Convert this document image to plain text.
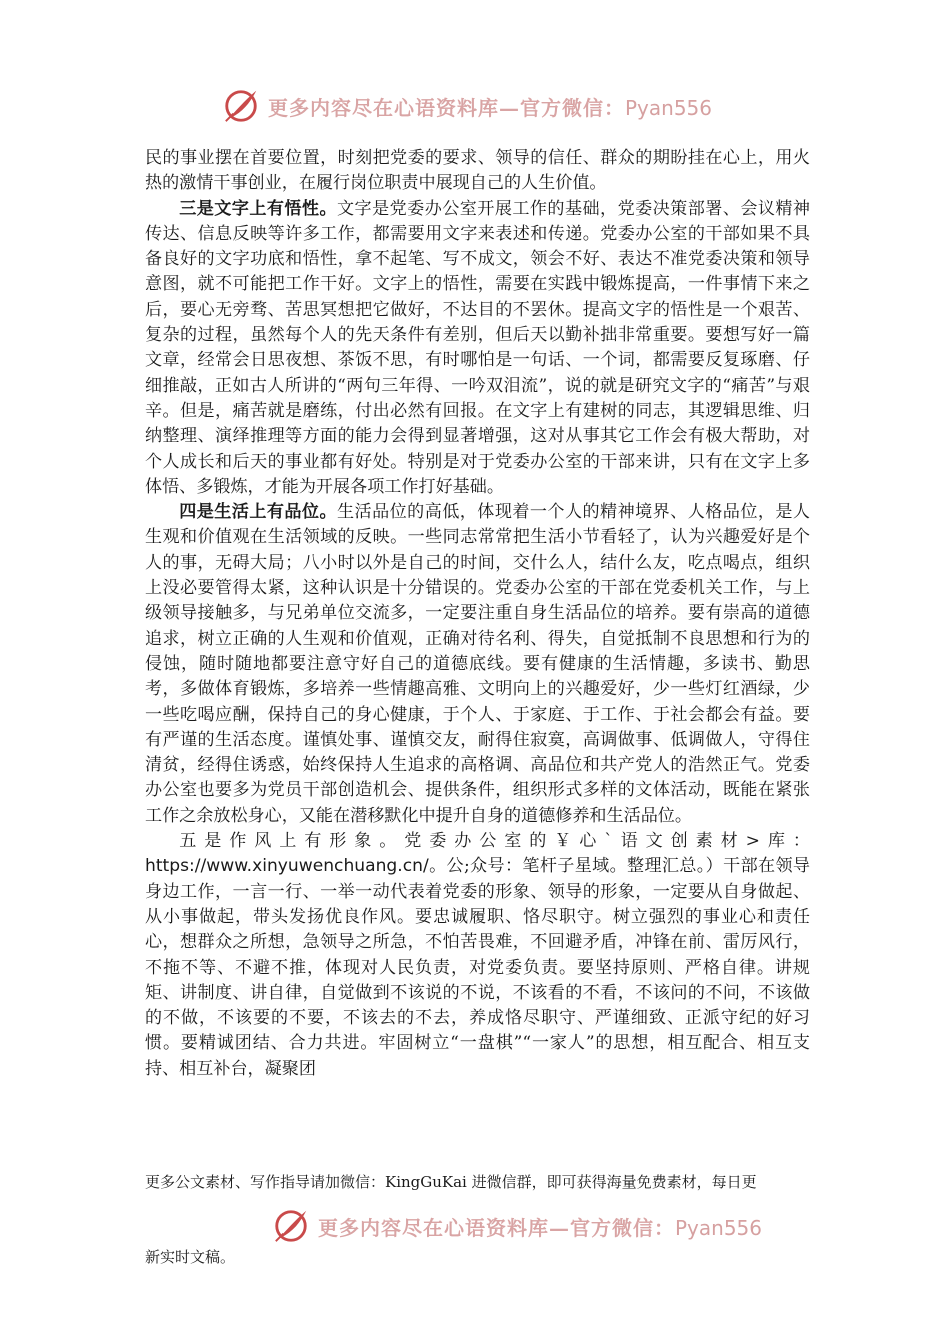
更多内容尽在心语资料库—官方微信：Pyan556

民的事业摆在首要位置，时刻把党委的要求、领导的信任、群众的期盼挂在心上，用火热的激情干事创业，在履行岗位职责中展现自己的人生价值。

三是文字上有悟性。文字是党委办公室开展工作的基础，党委决策部署、会议精神传达、信息反映等许多工作，都需要用文字来表述和传递。党委办公室的干部如果不具备良好的文字功底和悟性，拿不起笔、写不成文，领会不好、表达不准党委决策和领导意图，就不可能把工作干好。文字上的悟性，需要在实践中锻炼提高，一件事情下来之后，要心无旁骛、苦思冥想把它做好，不达目的不罢休。提高文字的悟性是一个艰苦、复杂的过程，虽然每个人的先天条件有差别，但后天以勤补拙非常重要。要想写好一篇文章，经常会日思夜想、茶饭不思，有时哪怕是一句话、一个词，都需要反复琢磨、仔细推敲，正如古人所讲的“两句三年得、一吟双泪流”，说的就是研究文字的“痛苦”与艰辛。但是，痛苦就是磨练，付出必然有回报。在文字上有建树的同志，其逻辑思维、归纳整理、演绎推理等方面的能力会得到显著增强，这对从事其它工作会有极大帮助，对个人成长和后天的事业都有好处。特别是对于党委办公室的干部来讲，只有在文字上多体悟、多锻炼，才能为开展各项工作打好基础。

四是生活上有品位。生活品位的高低，体现着一个人的精神境界、人格品位，是人生观和价值观在生活领域的反映。一些同志常常把生活小节看轻了，认为兴趣爱好是个人的事，无碍大局；八小时以外是自己的时间，交什么人，结什么友，吃点喝点，组织上没必要管得太紧，这种认识是十分错误的。党委办公室的干部在党委机关工作，与上级领导接触多，与兄弟单位交流多，一定要注重自身生活品位的培养。要有崇高的道德追求，树立正确的人生观和价值观，正确对待名利、得失，自觉抵制不良思想和行为的侵蚀，随时随地都要注意守好自己的道德底线。要有健康的生活情趣，多读书、勤思考，多做体育锻炼，多培养一些情趣高雅、文明向上的兴趣爱好，少一些灯红酒绿，少一些吃喝应酬，保持自己的身心健康，于个人、于家庭、于工作、于社会都会有益。要有严谨的生活态度。谨慎处事、谨慎交友，耐得住寂寞，高调做事、低调做人，守得住清贫，经得住诱惑，始终保持人生追求的高格调、高品位和共产党人的浩然正气。党委办公室也要多为党员干部创造机会、提供条件，组织形式多样的文体活动，既能在紧张工作之余放松身心，又能在潜移默化中提升自身的道德修养和生活品位。

五是作风上有形象。党委办公室的￥心`语文创素材>库：https://www.xinyuwenchuang.cn/。公;众号：笔杆子星域。整理汇总。）干部在领导身边工作，一言一行、一举一动代表着党委的形象、领导的形象，一定要从自身做起、从小事做起，带头发扬优良作风。要忠诚履职、恪尽职守。树立强烈的事业心和责任心，想群众之所想，急领导之所急，不怕苦畏难，不回避矛盾，冲锋在前、雷厉风行，不拖不等、不避不推，体现对人民负责，对党委负责。要坚持原则、严格自律。讲规矩、讲制度、讲自律，自觉做到不该说的不说，不该看的不看，不该问的不问，不该做的不做，不该要的不要，不该去的不去，养成恪尽职守、严谨细致、正派守纪的好习惯。要精诚团结、合力共进。牢固树立“一盘棋”“一家人”的思想，相互配合、相互支持、相互补台，凝聚团

更多公文素材、写作指导请加微信：KingGuKai 进微信群，即可获得海量免费素材，每日更
更多内容尽在心语资料库—官方微信：Pyan556
新实时文稿。
